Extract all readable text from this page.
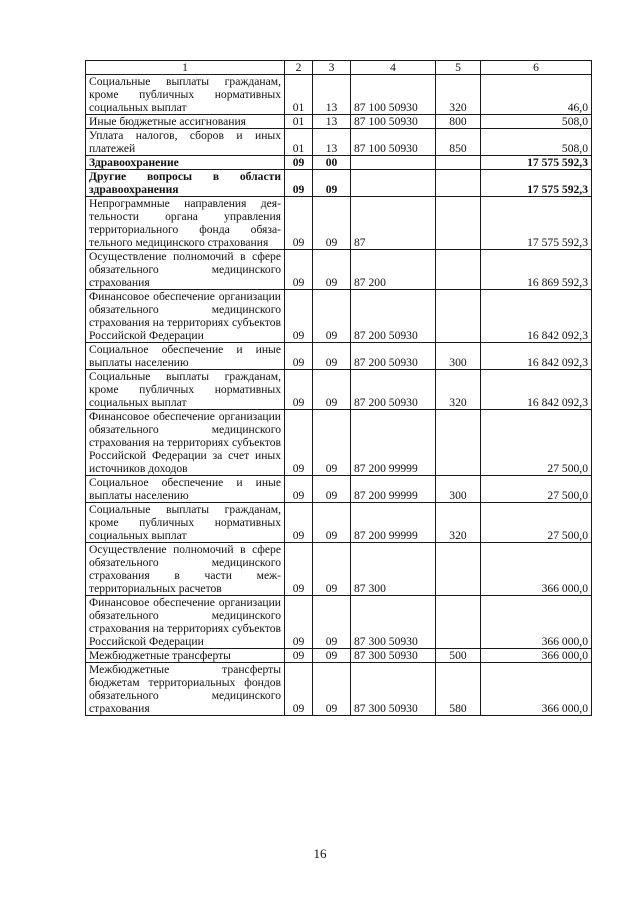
1	2	3	4	5	6
Социальные выплаты гражданам, кроме публичных нормативных социальных выплат	01	13	87 100 50930	320	46,0
Иные бюджетные ассигнования	01	13	87 100 50930	800	508,0
Уплата налогов, сборов и иных платежей	01	13	87 100 50930	850	508,0
Здравоохранение	09	00			17 575 592,3
Другие вопросы в области здравоохранения	09	09			17 575 592,3
Непрограммные направления деятельности органа управления территориального фонда обязательного медицинского страхования	09	09	87		17 575 592,3
Осуществление полномочий в сфере обязательного медицинского страхования	09	09	87 200		16 869 592,3
Финансовое обеспечение организации обязательного медицинского страхования на территориях субъектов Российской Федерации	09	09	87 200 50930		16 842 092,3
Социальное обеспечение и иные выплаты населению	09	09	87 200 50930	300	16 842 092,3
Социальные выплаты гражданам, кроме публичных нормативных социальных выплат	09	09	87 200 50930	320	16 842 092,3
Финансовое обеспечение организации обязательного медицинского страхования на территориях субъектов Российской Федерации за счет иных источников доходов	09	09	87 200 99999		27 500,0
Социальное обеспечение и иные выплаты населению	09	09	87 200 99999	300	27 500,0
Социальные выплаты гражданам, кроме публичных нормативных социальных выплат	09	09	87 200 99999	320	27 500,0
Осуществление полномочий в сфере обязательного медицинского страхования в части межтерриториальных расчетов	09	09	87 300		366 000,0
Финансовое обеспечение организации обязательного медицинского страхования на территориях субъектов Российской Федерации	09	09	87 300 50930		366 000,0
Межбюджетные трансферты	09	09	87 300 50930	500	366 000,0
Межбюджетные трансферты бюджетам территориальных фондов обязательного медицинского страхования	09	09	87 300 50930	580	366 000,0
16
